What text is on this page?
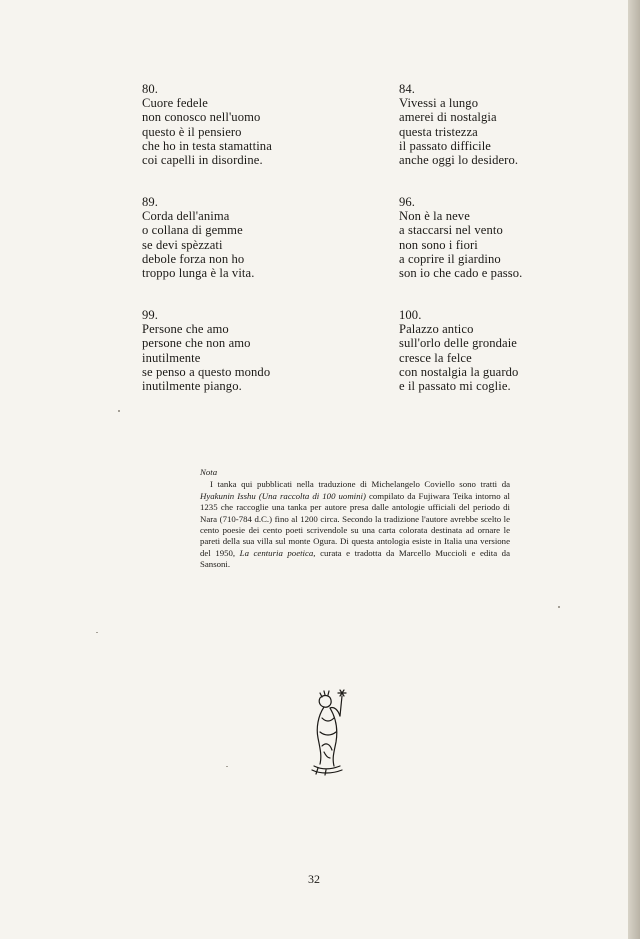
80.
Cuore fedele
non conosco nell'uomo
questo è il pensiero
che ho in testa stamattina
coi capelli in disordine.
84.
Vivessi a lungo
amerei di nostalgia
questa tristezza
il passato difficile
anche oggi lo desidero.
89.
Corda dell'anima
o collana di gemme
se devi spèzzati
debole forza non ho
troppo lunga è la vita.
96.
Non è la neve
a staccarsi nel vento
non sono i fiori
a coprire il giardino
son io che cado e passo.
99.
Persone che amo
persone che non amo
inutilmente
se penso a questo mondo
inutilmente piango.
100.
Palazzo antico
sull'orlo delle grondaie
cresce la felce
con nostalgia la guardo
e il passato mi coglie.
Nota
I tanka qui pubblicati nella traduzione di Michelangelo Coviello sono tratti da Hyakunin Isshu (Una raccolta di 100 uomini) compilato da Fujiwara Teika intorno al 1235 che raccoglie una tanka per autore presa dalle antologie ufficiali del periodo di Nara (710-784 d.C.) fino al 1200 circa. Secondo la tradizione l'autore avrebbe scelto le cento poesie dei cento poeti scrivendole su una carta colorata destinata ad ornare le pareti della sua villa sul monte Ogura. Di questa antologia esiste in Italia una versione del 1950, La centuria poetica, curata e tradotta da Marcello Muccioli e edita da Sansoni.
32
